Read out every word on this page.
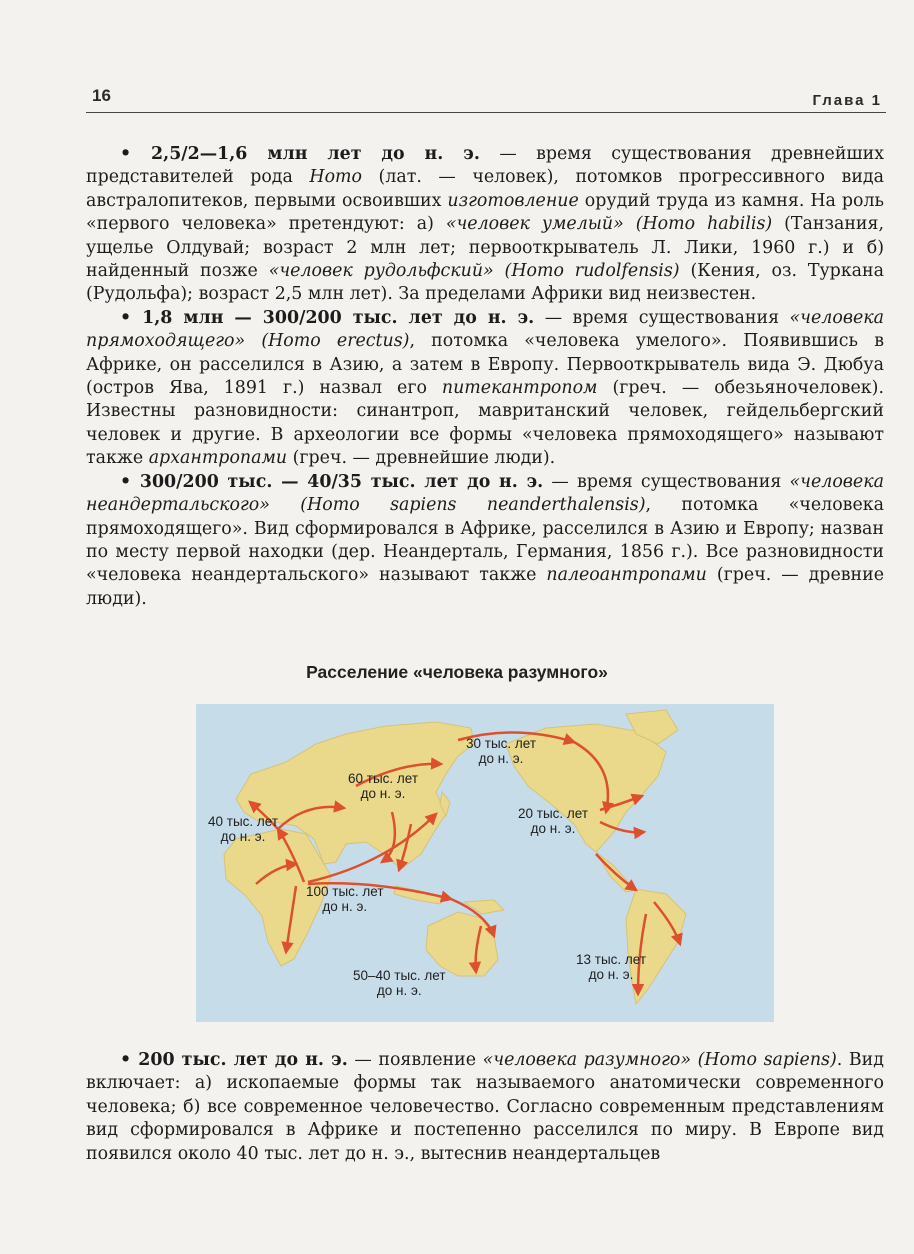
16	Глава 1

• 2,5/2—1,6 млн лет до н. э. — время существования древнейших представителей рода Homo (лат. — человек), потомков прогрессивного вида австралопитеков, первыми освоивших изготовление орудий труда из камня. На роль «первого человека» претендуют: а) «человек умелый» (Homo habilis) (Танзания, ущелье Олдувай; возраст 2 млн лет; первооткрыватель Л. Лики, 1960 г.) и б) найденный позже «человек рудольфский» (Homo rudolfensis) (Кения, оз. Туркана (Рудольфа); возраст 2,5 млн лет). За пределами Африки вид неизвестен.

• 1,8 млн — 300/200 тыс. лет до н. э. — время существования «человека прямоходящего» (Homo erectus), потомка «человека умелого». Появившись в Африке, он расселился в Азию, а затем в Европу. Первооткрыватель вида Э. Дюбуа (остров Ява, 1891 г.) назвал его питекантропом (греч. — обезьяночеловек). Известны разновидности: синантроп, мавританский человек, гейдельбергский человек и другие. В археологии все формы «человека прямоходящего» называют также архантропами (греч. — древнейшие люди).

• 300/200 тыс. — 40/35 тыс. лет до н. э. — время существования «человека неандертальского» (Homo sapiens neanderthalensis), потомка «человека прямоходящего». Вид сформировался в Африке, расселился в Азию и Европу; назван по месту первой находки (дер. Неандерталь, Германия, 1856 г.). Все разновидности «человека неандертальского» называют также палеоантропами (греч. — древние люди).

Расселение «человека разумного»
30 тыс. лет
до н. э.
60 тыс. лет
до н. э.
40 тыс. лет
до н. э.
20 тыс. лет
до н. э.
100 тыс. лет
до н. э.
13 тыс. лет
до н. э.
50–40 тыс. лет
до н. э.

• 200 тыс. лет до н. э. — появление «человека разумного» (Homo sapiens). Вид включает: а) ископаемые формы так называемого анатомически современного человека; б) все современное человечество. Согласно современным представлениям вид сформировался в Африке и постепенно расселился по миру. В Европе вид появился около 40 тыс. лет до н. э., вытеснив неандертальцев
